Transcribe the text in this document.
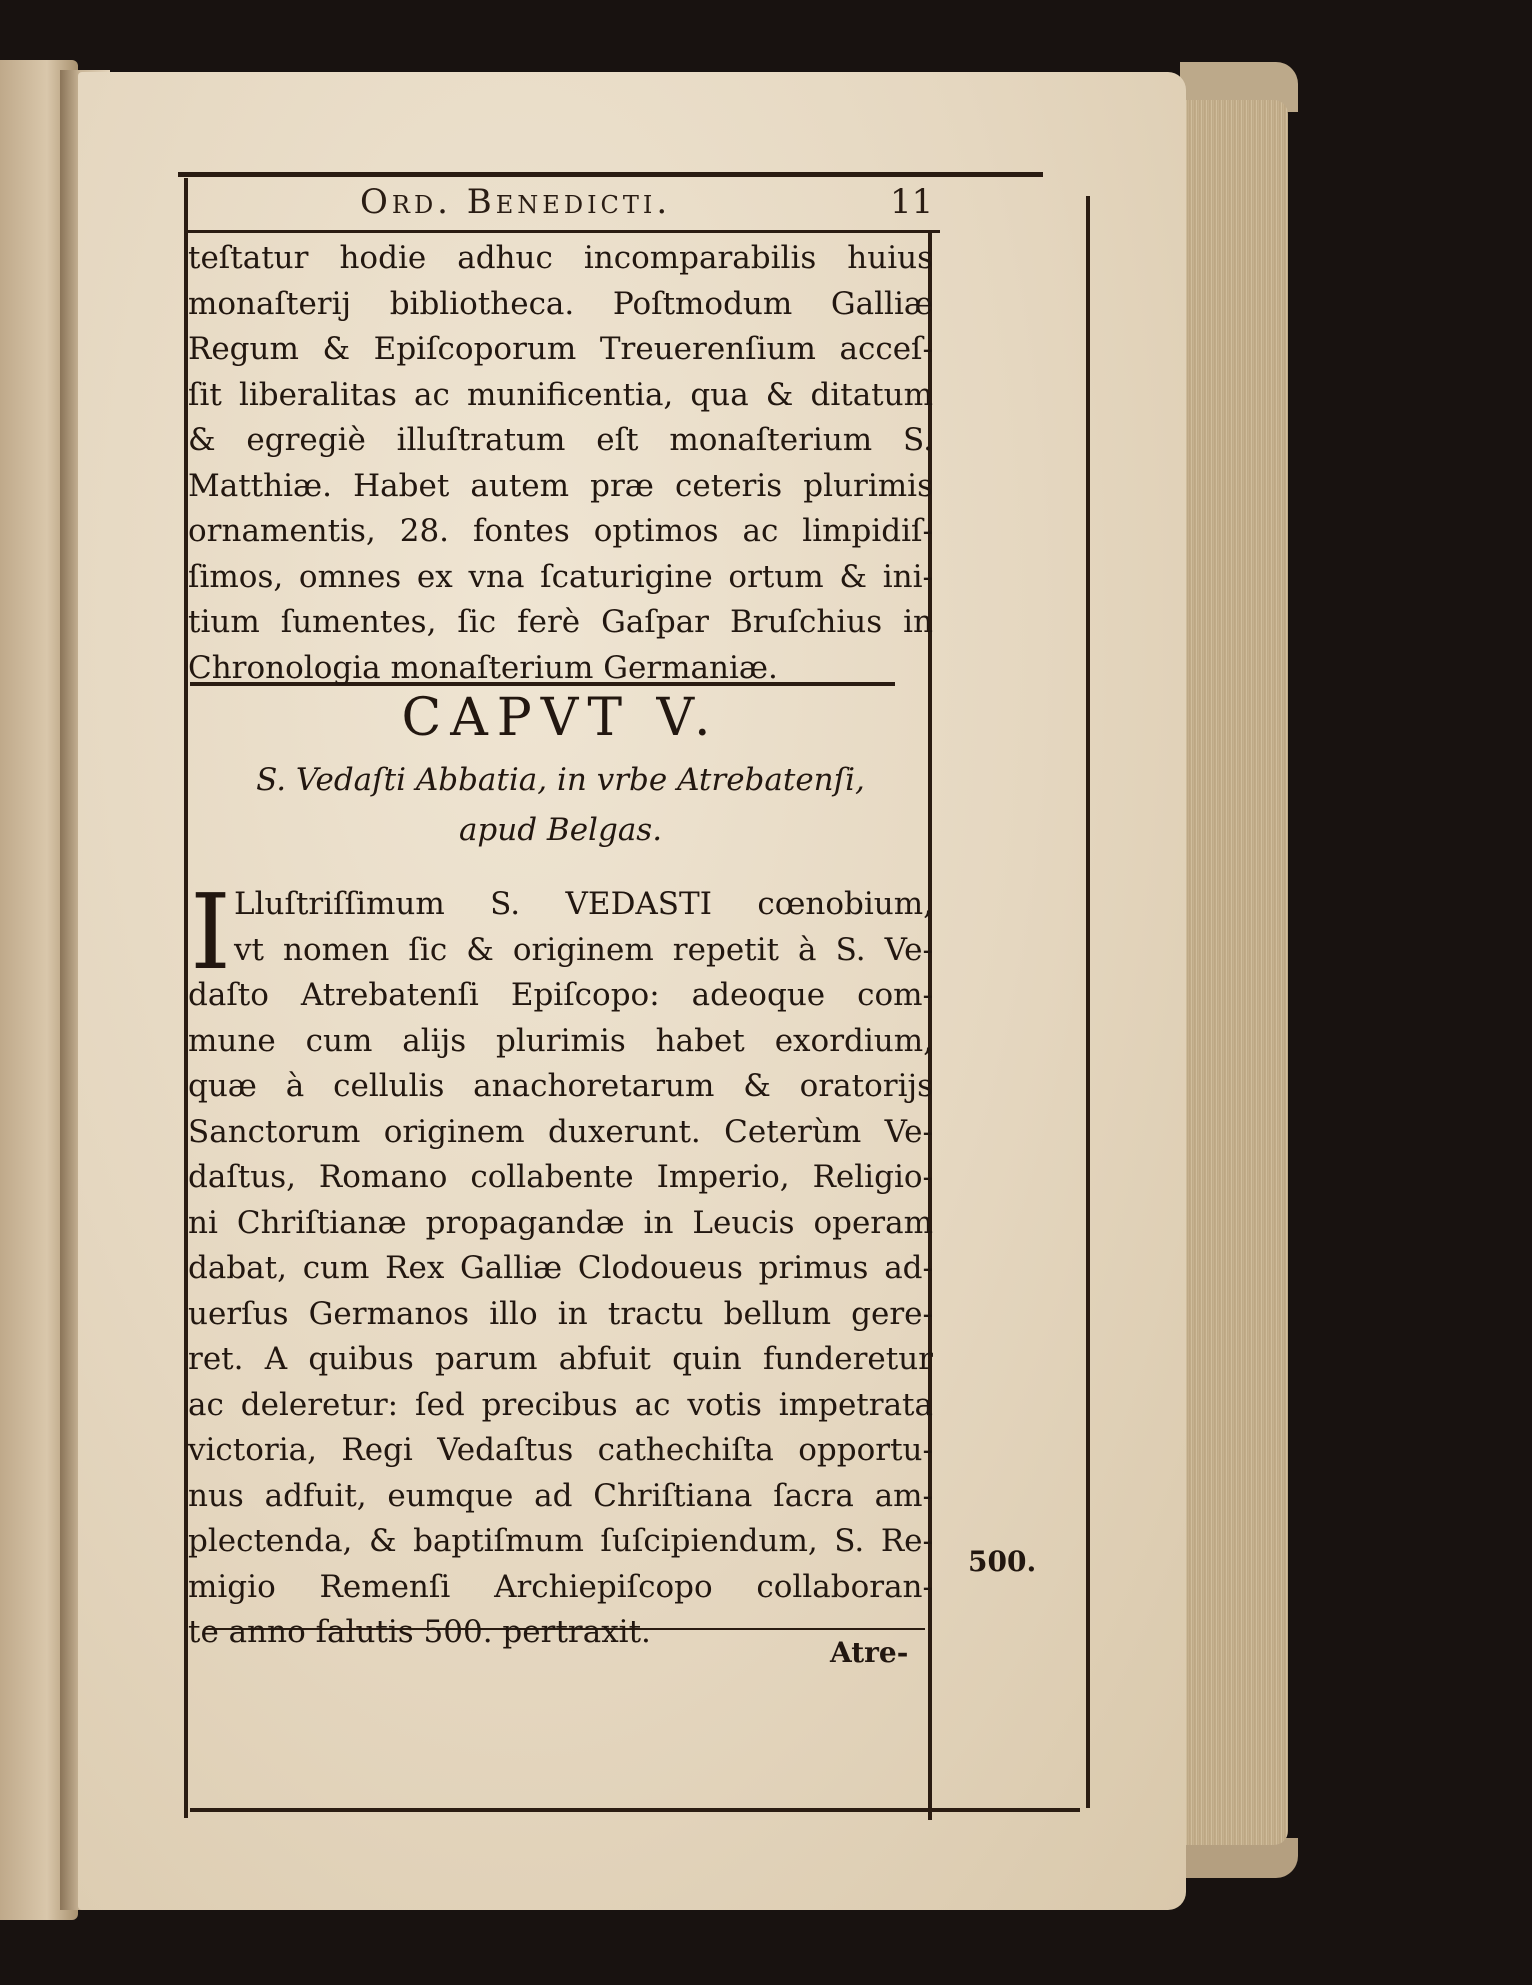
Ord. Benedicti.	11
teſtatur hodie adhuc incomparabilis huius
monaſterij bibliotheca. Poſtmodum Galliæ
Regum & Epiſcoporum Treuerenſium acceſ-
ſit liberalitas ac munificentia, qua & ditatum
& egregiè illuſtratum eſt monaſterium S.
Matthiæ. Habet autem præ ceteris plurimis
ornamentis, 28. fontes optimos ac limpidiſ-
ſimos, omnes ex vna ſcaturigine ortum & ini-
tium ſumentes, ſic ferè Gaſpar Bruſchius in
Chronologia monaſterium Germaniæ.
CAPVT V.
S. Vedaſti Abbatia, in vrbe Atrebatenſi,
apud Belgas.
I Lluſtriſſimum S. VEDASTI cœnobium,
vt nomen ſic & originem repetit à S. Ve-
daſto Atrebatenſi Epiſcopo: adeoque com-
mune cum alijs plurimis habet exordium,
quæ à cellulis anachoretarum & oratorijs
Sanctorum originem duxerunt. Ceterùm Ve-
daſtus, Romano collabente Imperio, Religio-
ni Chriſtianæ propagandæ in Leucis operam
dabat, cum Rex Galliæ Clodoueus primus ad-
uerſus Germanos illo in tractu bellum gere-
ret. A quibus parum abfuit quin funderetur
ac deleretur: ſed precibus ac votis impetrata
victoria, Regi Vedaſtus cathechiſta opportu-
nus adfuit, eumque ad Chriſtiana ſacra am-
plectenda, & baptiſmum ſuſcipiendum, S. Re-
migio Remenſi Archiepiſcopo collaboran-
te anno ſalutis 500. pertraxit.
500.
Atre-
